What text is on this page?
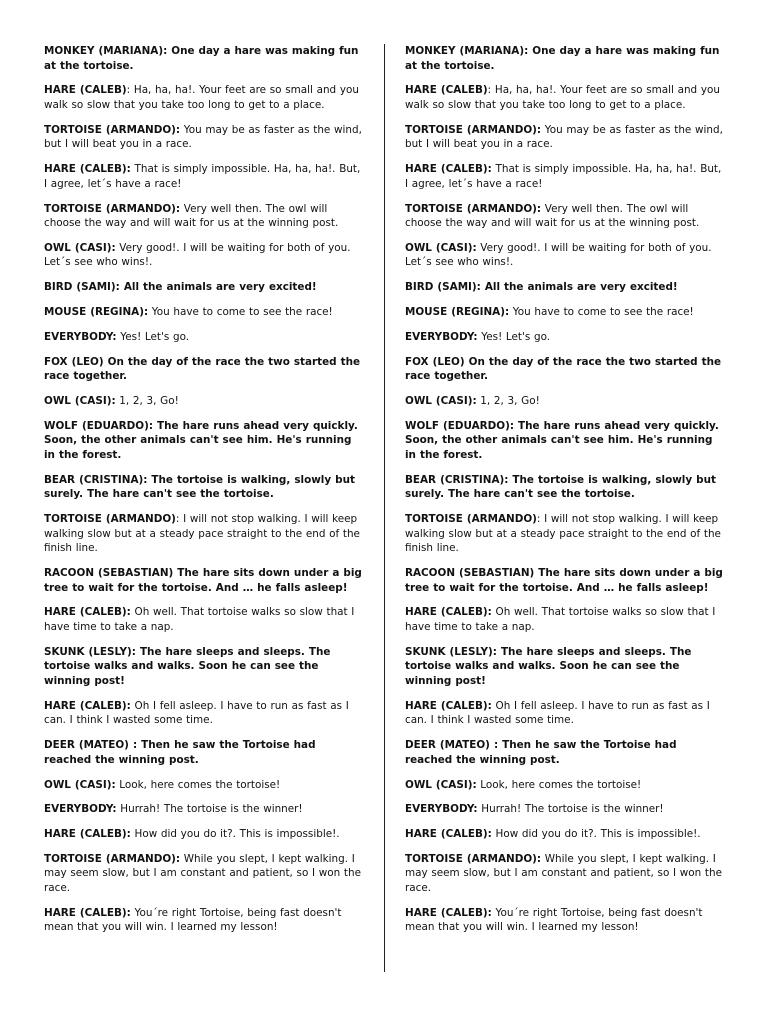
MONKEY (MARIANA): One day a hare was making fun at the tortoise.

HARE (CALEB): Ha, ha, ha!. Your feet are so small and you walk so slow that you take too long to get to a place.

TORTOISE (ARMANDO): You may be as faster as the wind, but I will beat you in a race.

HARE (CALEB): That is simply impossible. Ha, ha, ha!. But, I agree, let´s have a race!

TORTOISE (ARMANDO): Very well then. The owl will choose the way and will wait for us at the winning post.

OWL (CASI): Very good!. I will be waiting for both of you. Let´s see who wins!.

BIRD (SAMI): All the animals are very excited!

MOUSE (REGINA): You have to come to see the race!

EVERYBODY: Yes! Let's go.

FOX (LEO) On the day of the race the two started the race together.

OWL (CASI): 1, 2, 3, Go!

WOLF (EDUARDO): The hare runs ahead very quickly. Soon, the other animals can't see him. He's running in the forest.

BEAR (CRISTINA): The tortoise is walking, slowly but surely. The hare can't see the tortoise.

TORTOISE (ARMANDO): I will not stop walking. I will keep walking slow but at a steady pace straight to the end of the finish line.

RACOON (SEBASTIAN) The hare sits down under a big tree to wait for the tortoise. And … he falls asleep!

HARE (CALEB): Oh well. That tortoise walks so slow that I have time to take a nap.

SKUNK (LESLY): The hare sleeps and sleeps. The tortoise walks and walks. Soon he can see the winning post!

HARE (CALEB): Oh I fell asleep. I have to run as fast as I can. I think I wasted some time.

DEER (MATEO) : Then he saw the Tortoise had reached the winning post.

OWL (CASI): Look, here comes the tortoise!

EVERYBODY: Hurrah! The tortoise is the winner!

HARE (CALEB): How did you do it?. This is impossible!.

TORTOISE (ARMANDO): While you slept, I kept walking. I may seem slow, but I am constant and patient, so I won the race.

HARE (CALEB): You´re right Tortoise, being fast doesn't mean that you will win. I learned my lesson!

MONKEY (MARIANA): One day a hare was making fun at the tortoise.

HARE (CALEB): Ha, ha, ha!. Your feet are so small and you walk so slow that you take too long to get to a place.

TORTOISE (ARMANDO): You may be as faster as the wind, but I will beat you in a race.

HARE (CALEB): That is simply impossible. Ha, ha, ha!. But, I agree, let´s have a race!

TORTOISE (ARMANDO): Very well then. The owl will choose the way and will wait for us at the winning post.

OWL (CASI): Very good!. I will be waiting for both of you. Let´s see who wins!.

BIRD (SAMI): All the animals are very excited!

MOUSE (REGINA): You have to come to see the race!

EVERYBODY: Yes! Let's go.

FOX (LEO) On the day of the race the two started the race together.

OWL (CASI): 1, 2, 3, Go!

WOLF (EDUARDO): The hare runs ahead very quickly. Soon, the other animals can't see him. He's running in the forest.

BEAR (CRISTINA): The tortoise is walking, slowly but surely. The hare can't see the tortoise.

TORTOISE (ARMANDO): I will not stop walking. I will keep walking slow but at a steady pace straight to the end of the finish line.

RACOON (SEBASTIAN) The hare sits down under a big tree to wait for the tortoise. And … he falls asleep!

HARE (CALEB): Oh well. That tortoise walks so slow that I have time to take a nap.

SKUNK (LESLY): The hare sleeps and sleeps. The tortoise walks and walks. Soon he can see the winning post!

HARE (CALEB): Oh I fell asleep. I have to run as fast as I can. I think I wasted some time.

DEER (MATEO) : Then he saw the Tortoise had reached the winning post.

OWL (CASI): Look, here comes the tortoise!

EVERYBODY: Hurrah! The tortoise is the winner!

HARE (CALEB): How did you do it?. This is impossible!.

TORTOISE (ARMANDO): While you slept, I kept walking. I may seem slow, but I am constant and patient, so I won the race.

HARE (CALEB): You´re right Tortoise, being fast doesn't mean that you will win. I learned my lesson!
